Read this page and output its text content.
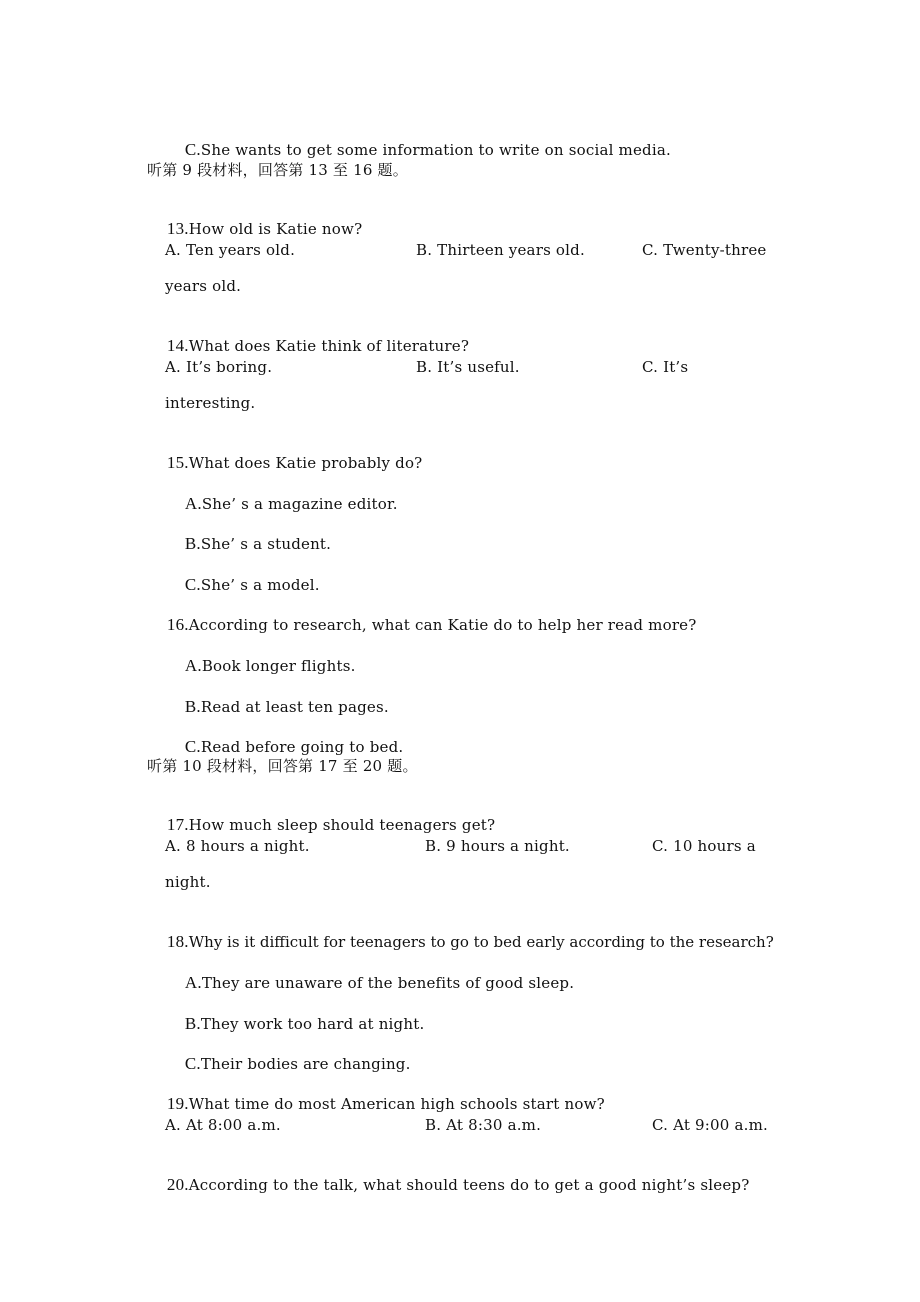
C.She wants to get some information to write on social media.

听第 9 段材料，回答第 13 至 16 题。

13.How old is Katie now?

A. Ten years old.	B. Thirteen years old.	C. Twenty-three
years old.

14.What does Katie think of literature?

A. It’s boring.	B. It’s useful.	C. It’s
interesting.

15.What does Katie probably do?

A.She’ s a magazine editor.

B.She’ s a student.

C.She’ s a model.

16.According to research, what can Katie do to help her read more?

A.Book longer flights.

B.Read at least ten pages.

C.Read before going to bed.

听第 10 段材料，回答第 17 至 20 题。

17.How much sleep should teenagers get?

A. 8 hours a night.	B. 9 hours a night.	C. 10 hours a
night.

18.Why is it difficult for teenagers to go to bed early according to the research?

A.They are unaware of the benefits of good sleep.

B.They work too hard at night.

C.Their bodies are changing.

19.What time do most American high schools start now?

A. At 8:00 a.m.	B. At 8:30 a.m.	C. At 9:00 a.m.

20.According to the talk, what should teens do to get a good night’s sleep?
